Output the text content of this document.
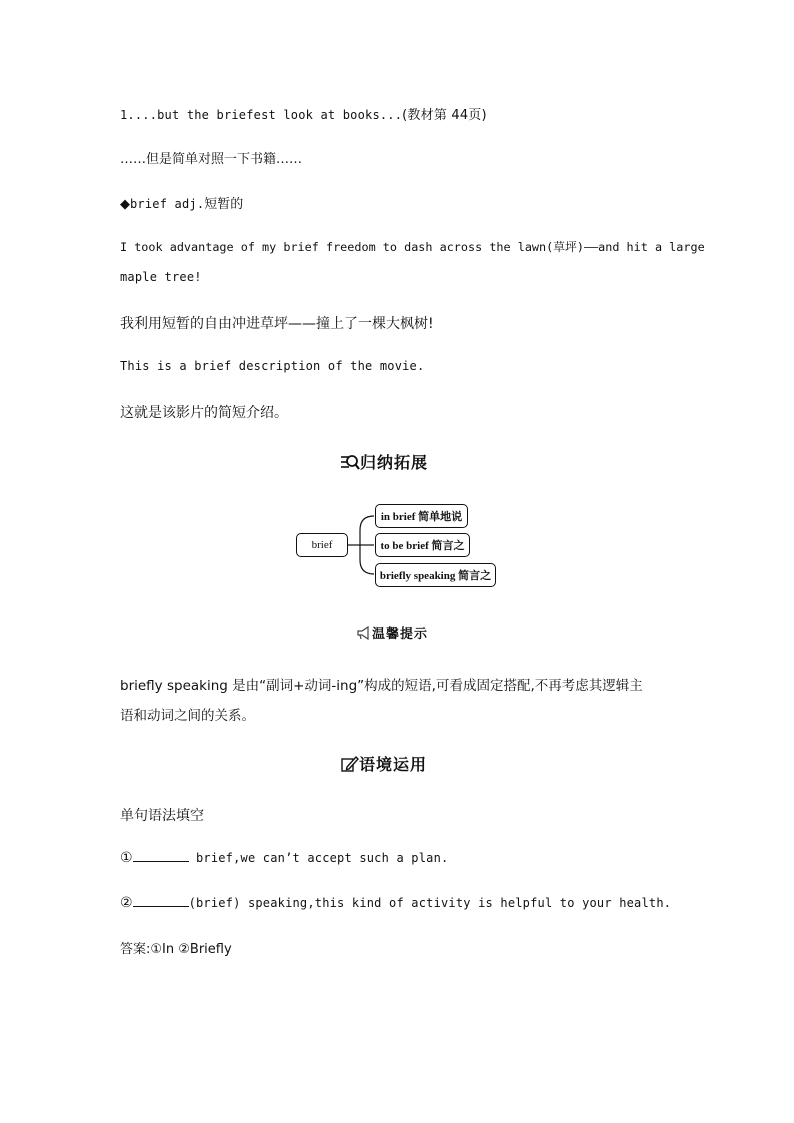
1....but the briefest look at books...(教材第 44页)
……但是简单对照一下书籍……
◆brief adj.短暂的
I took advantage of my brief freedom to dash across the lawn(草坪)——and hit a large
maple tree!
我利用短暂的自由冲进草坪——撞上了一棵大枫树!
This is a brief description of the movie.
这就是该影片的简短介绍。
归纳拓展
brief
in brief 简单地说
to be brief 简言之
briefly speaking 简言之
温馨提示
briefly speaking 是由“副词+动词-ing”构成的短语,可看成固定搭配,不再考虑其逻辑主
语和动词之间的关系。
语境运用
单句语法填空
①	brief,we can’t accept such a plan.
②	(brief) speaking,this kind of activity is helpful to your health.
答案:①In ②Briefly
